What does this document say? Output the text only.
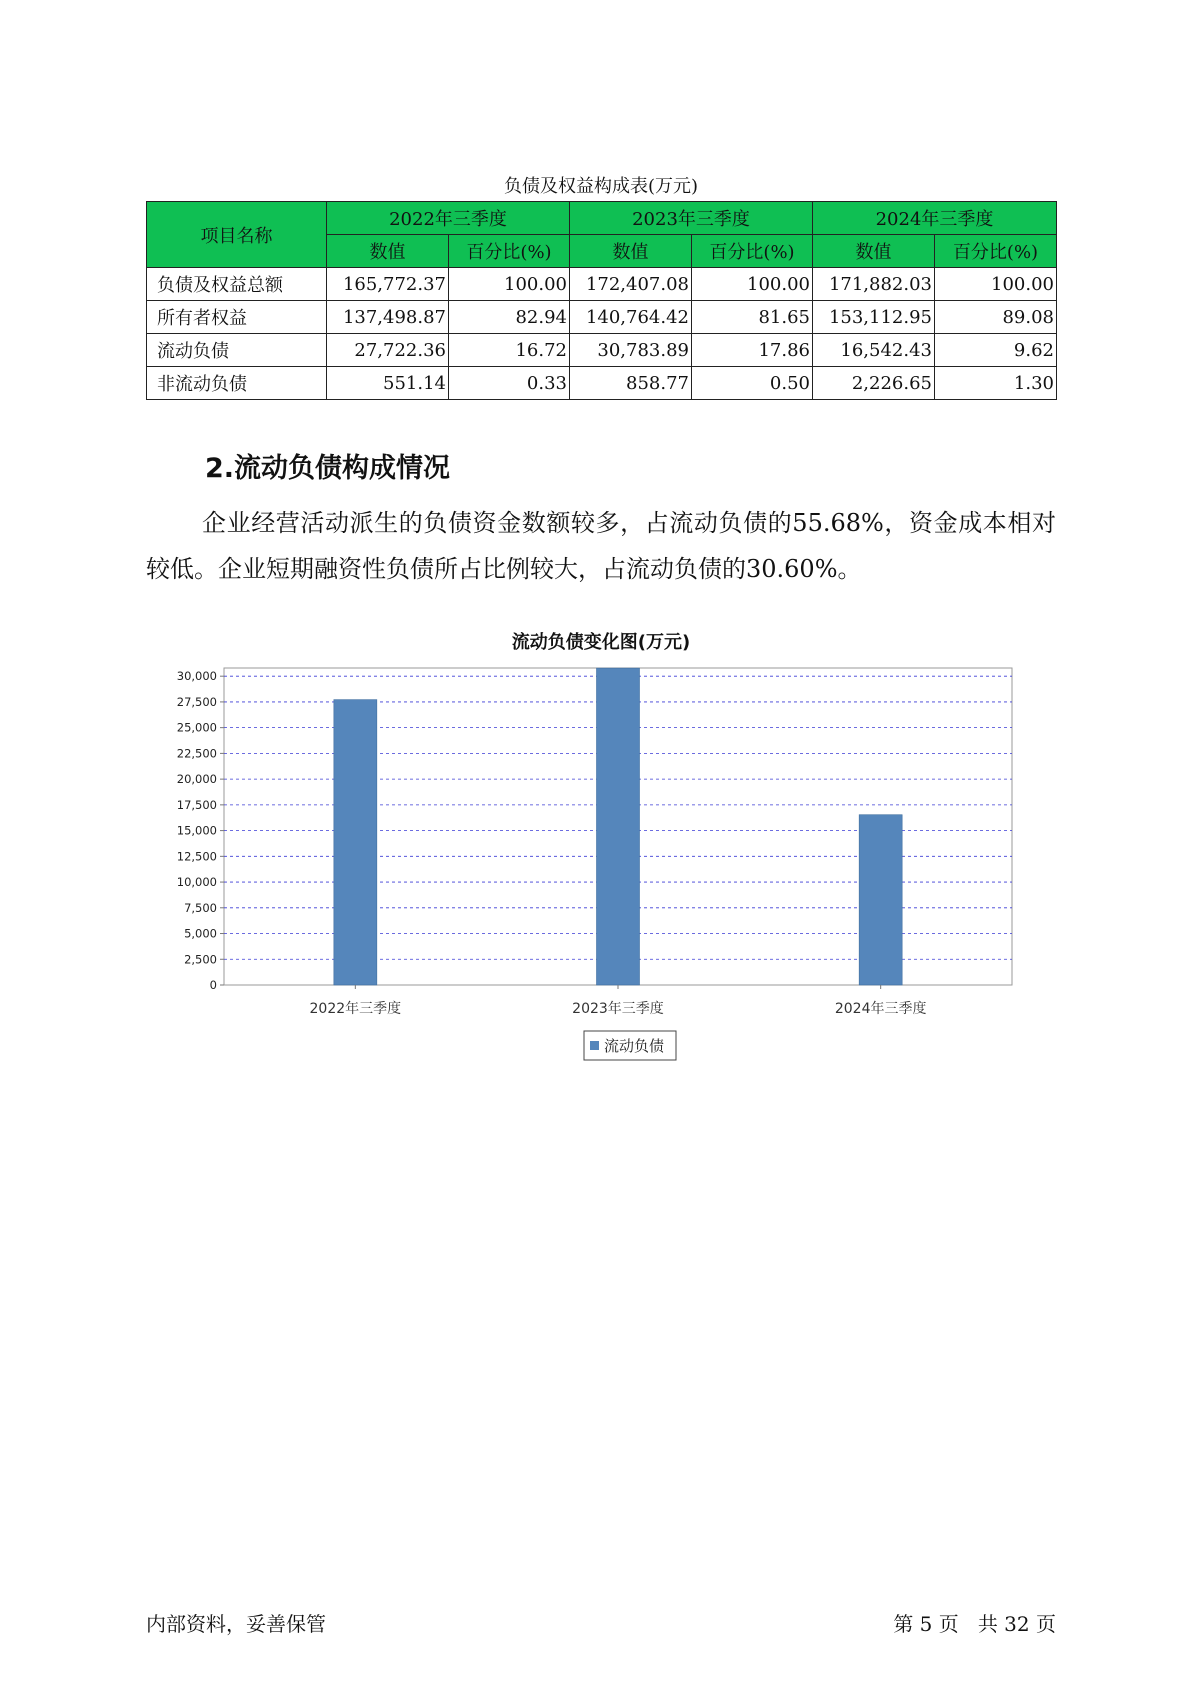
负债及权益构成表(万元)
项目名称	2022年三季度		2023年三季度		2024年三季度	
	数值	百分比(%)	数值	百分比(%)	数值	百分比(%)
负债及权益总额	165,772.37	100.00	172,407.08	100.00	171,882.03	100.00
所有者权益	137,498.87	82.94	140,764.42	81.65	153,112.95	89.08
流动负债	27,722.36	16.72	30,783.89	17.86	16,542.43	9.62
非流动负债	551.14	0.33	858.77	0.50	2,226.65	1.30
2.流动负债构成情况
企业经营活动派生的负债资金数额较多，占流动负债的55.68%，资金成本相对较低。企业短期融资性负债所占比例较大，占流动负债的30.60%。
流动负债变化图(万元)
0
2,500
5,000
7,500
10,000
12,500
15,000
17,500
20,000
22,500
25,000
27,500
30,000
2022年三季度	2023年三季度	2024年三季度
流动负债
内部资料，妥善保管	第 5 页   共 32 页
